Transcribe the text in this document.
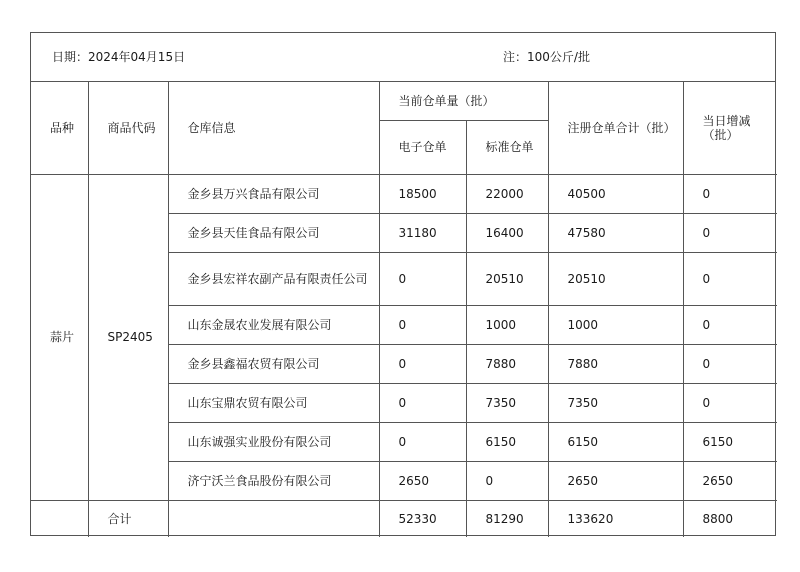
日期：2024年04月15日	注：100公斤/批
品种	商品代码	仓库信息	当前仓单量（批）		注册仓单合计（批）	当日增减（批）
			电子仓单	标准仓单		
蒜片	SP2405	金乡县万兴食品有限公司	18500	22000	40500	0
		金乡县天佳食品有限公司	31180	16400	47580	0
		金乡县宏祥农副产品有限责任公司	0	20510	20510	0
		山东金晟农业发展有限公司	0	1000	1000	0
		金乡县鑫福农贸有限公司	0	7880	7880	0
		山东宝鼎农贸有限公司	0	7350	7350	0
		山东诚强实业股份有限公司	0	6150	6150	6150
		济宁沃兰食品股份有限公司	2650	0	2650	2650
	合计		52330	81290	133620	8800
